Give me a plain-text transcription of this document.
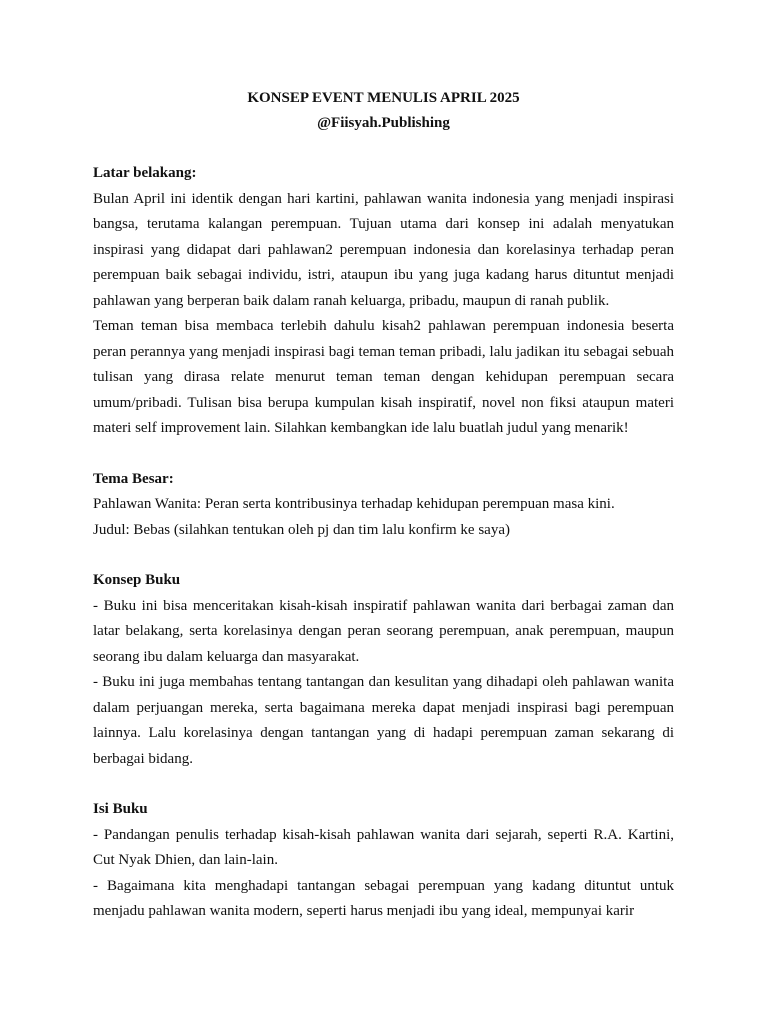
KONSEP EVENT MENULIS APRIL 2025

@Fiisyah.Publishing

Latar belakang:

Bulan April ini identik dengan hari kartini, pahlawan wanita indonesia yang menjadi inspirasi bangsa, terutama kalangan perempuan. Tujuan utama dari konsep ini adalah menyatukan inspirasi yang didapat dari pahlawan2 perempuan indonesia dan korelasinya terhadap peran perempuan baik sebagai individu, istri, ataupun ibu yang juga kadang harus dituntut menjadi pahlawan yang berperan baik dalam ranah keluarga, pribadu, maupun di ranah publik.

Teman teman bisa membaca terlebih dahulu kisah2 pahlawan perempuan indonesia beserta peran perannya yang menjadi inspirasi bagi teman teman pribadi, lalu jadikan itu sebagai sebuah tulisan yang dirasa relate menurut teman teman dengan kehidupan perempuan secara umum/pribadi. Tulisan bisa berupa kumpulan kisah inspiratif, novel non fiksi ataupun materi materi self improvement lain. Silahkan kembangkan ide lalu buatlah judul yang menarik!

Tema Besar:

Pahlawan Wanita: Peran serta kontribusinya terhadap kehidupan perempuan masa kini.

Judul: Bebas (silahkan tentukan oleh pj dan tim lalu konfirm ke saya)

Konsep Buku

- Buku ini bisa menceritakan kisah-kisah inspiratif pahlawan wanita dari berbagai zaman dan latar belakang, serta korelasinya dengan peran seorang perempuan, anak perempuan, maupun seorang ibu dalam keluarga dan masyarakat.

- Buku ini juga membahas tentang tantangan dan kesulitan yang dihadapi oleh pahlawan wanita dalam perjuangan mereka, serta bagaimana mereka dapat menjadi inspirasi bagi perempuan lainnya. Lalu korelasinya dengan tantangan yang di hadapi perempuan zaman sekarang di berbagai bidang.

Isi Buku

- Pandangan penulis terhadap kisah-kisah pahlawan wanita dari sejarah, seperti R.A. Kartini, Cut Nyak Dhien, dan lain-lain.

- Bagaimana kita menghadapi tantangan sebagai perempuan yang kadang dituntut untuk menjadu pahlawan wanita modern, seperti harus menjadi ibu yang ideal, mempunyai karir
